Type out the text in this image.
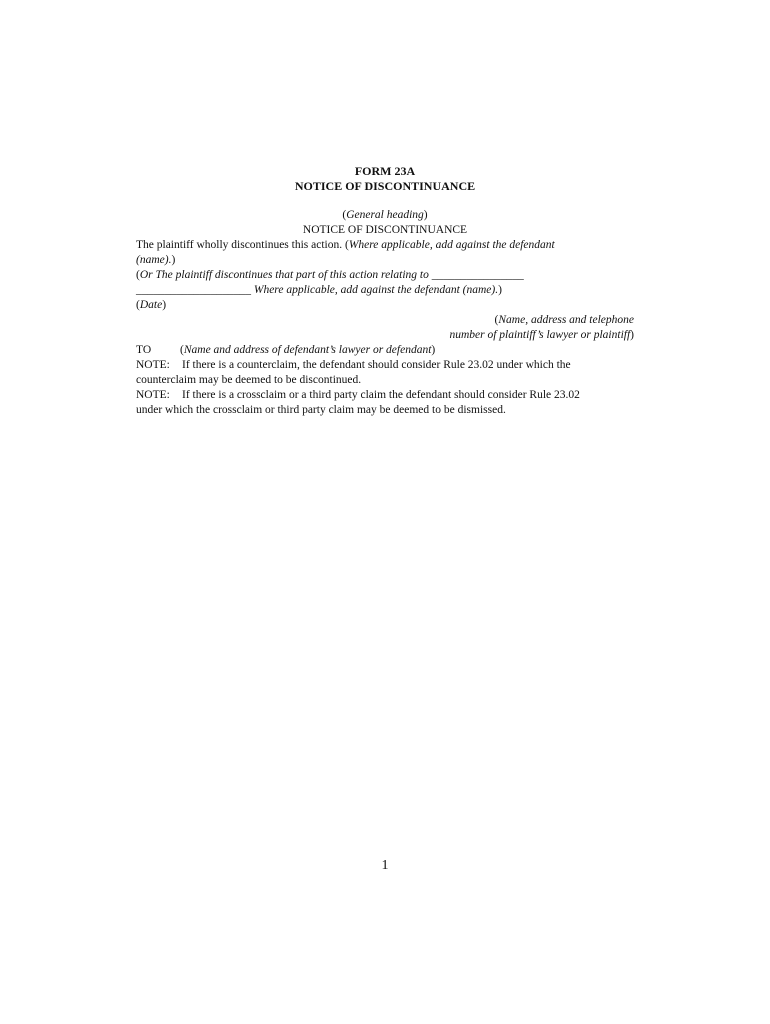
FORM 23A
NOTICE OF DISCONTINUANCE
(General heading)
NOTICE OF DISCONTINUANCE
The plaintiff wholly discontinues this action. (Where applicable, add against the defendant
(name).)
(Or The plaintiff discontinues that part of this action relating to ________________
____________________ Where applicable, add against the defendant (name).)
(Date)
(Name, address and telephone
number of plaintiff’s lawyer or plaintiff)
TO	(Name and address of defendant’s lawyer or defendant)
NOTE: If there is a counterclaim, the defendant should consider Rule 23.02 under which the
counterclaim may be deemed to be discontinued.
NOTE: If there is a crossclaim or a third party claim the defendant should consider Rule 23.02
under which the crossclaim or third party claim may be deemed to be dismissed.
1
